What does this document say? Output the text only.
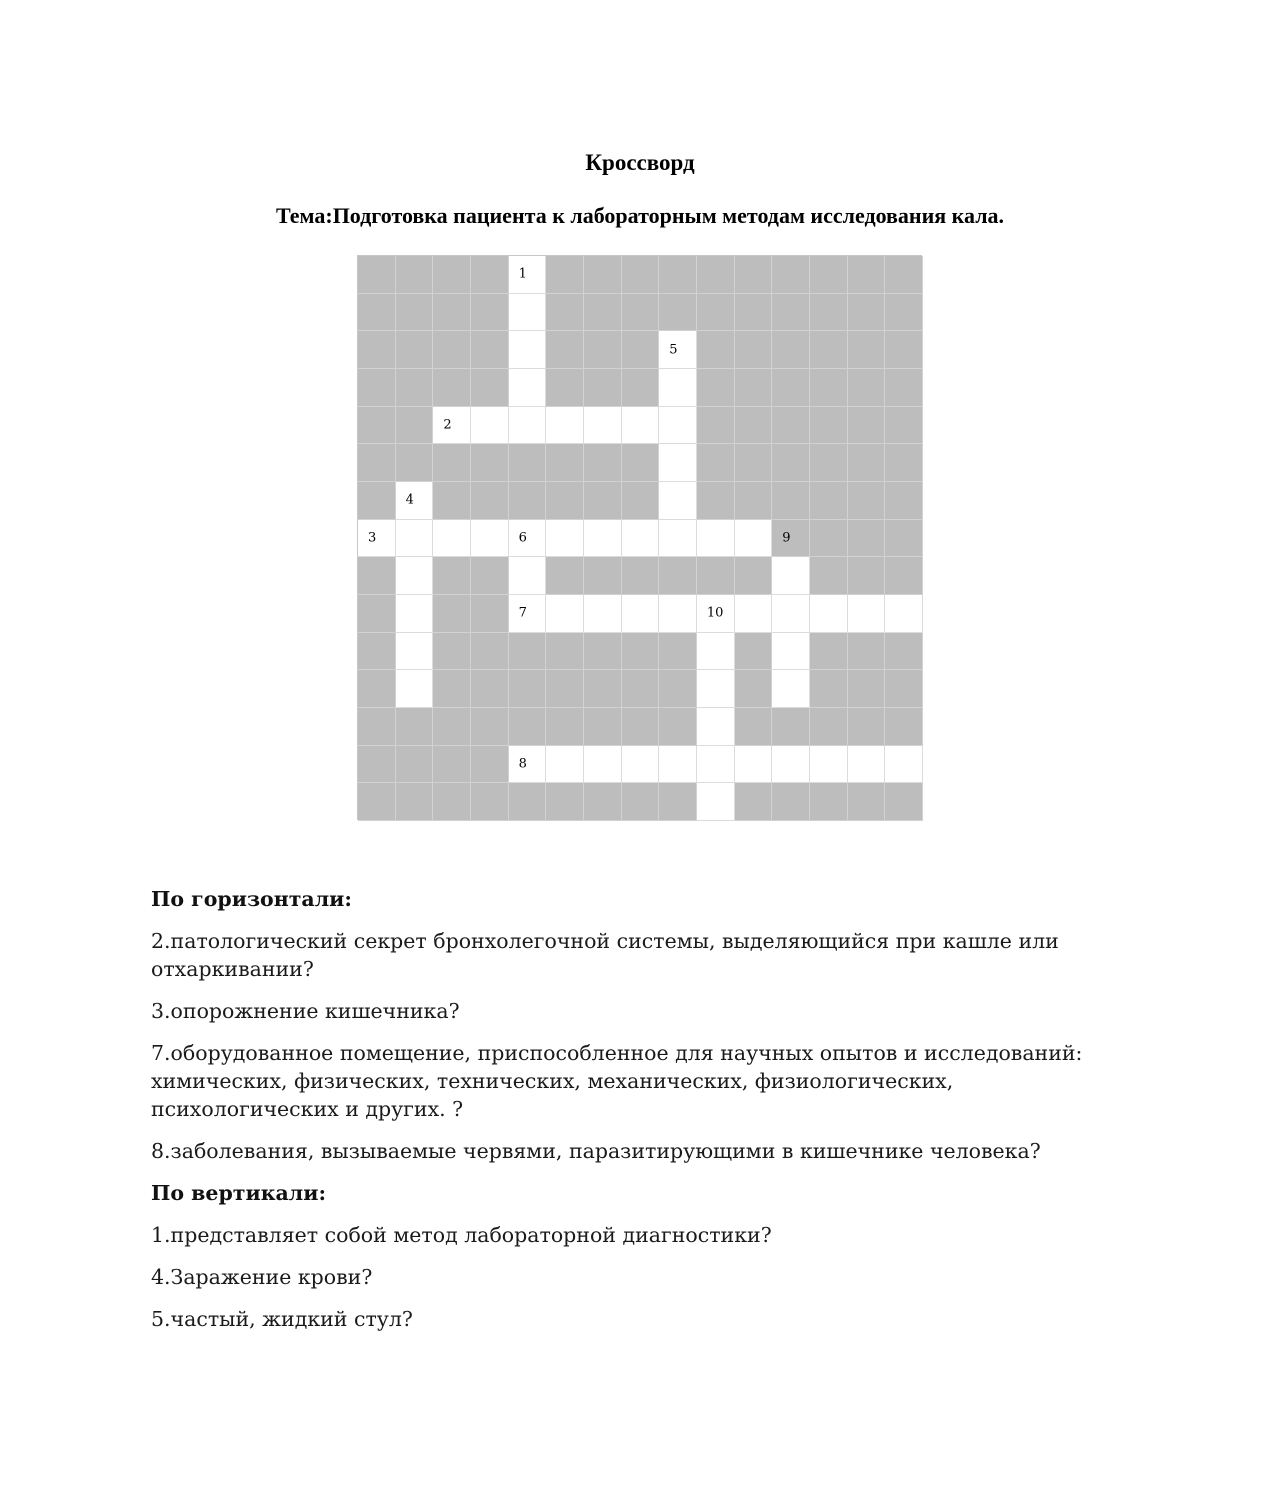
Кроссворд
Тема:Подготовка пациента к лабораторным методам исследования кала.
1
5
2
4
3	6	9
7	10
8
По горизонтали:
2.патологический секрет бронхолегочной системы, выделяющийся при кашле или отхаркивании?
3.опорожнение кишечника?
7.оборудованное помещение, приспособленное для научных опытов и исследований: химических, физических, технических, механических, физиологических, психологических и других. ?
8.заболевания, вызываемые червями, паразитирующими в кишечнике человека?
По вертикали:
1.представляет собой метод лабораторной диагностики?
4.Заражение крови?
5.частый, жидкий стул?
